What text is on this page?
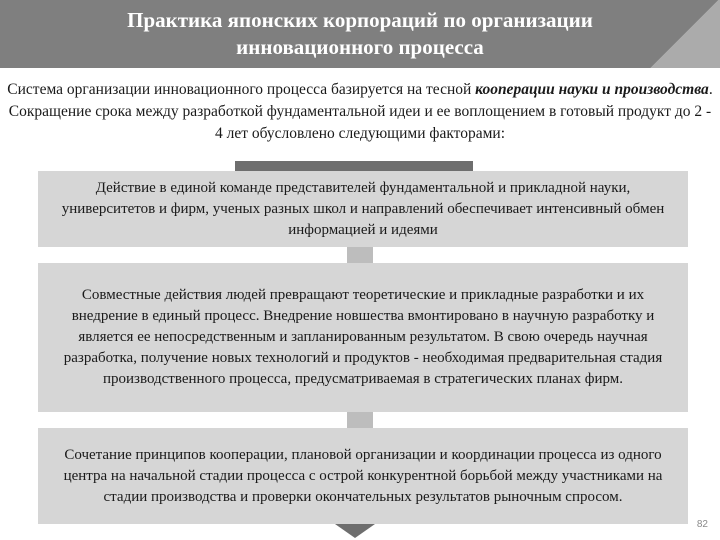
Практика японских корпораций по организации инновационного процесса

Система организации инновационного процесса базируется на тесной кооперации науки и производства. Сокращение срока между разработкой фундаментальной идеи и ее воплощением в готовый продукт до 2 - 4 лет обусловлено следующими факторами:

Действие в единой команде представителей фундаментальной и прикладной науки, университетов и фирм, ученых разных школ и направлений обеспечивает интенсивный обмен информацией и идеями
Совместные действия людей превращают теоретические и прикладные разработки и их внедрение в единый процесс. Внедрение новшества вмонтировано в научную разработку и является ее непосредственным и запланированным результатом. В свою очередь научная разработка, получение новых технологий и продуктов - необходимая предварительная стадия производственного процесса, предусматриваемая в стратегических планах фирм.
Сочетание принципов кооперации, плановой организации и координации процесса из одного центра на начальной стадии процесса с острой конкурентной борьбой между участниками на стадии производства и проверки окончательных результатов рыночным спросом.
82
